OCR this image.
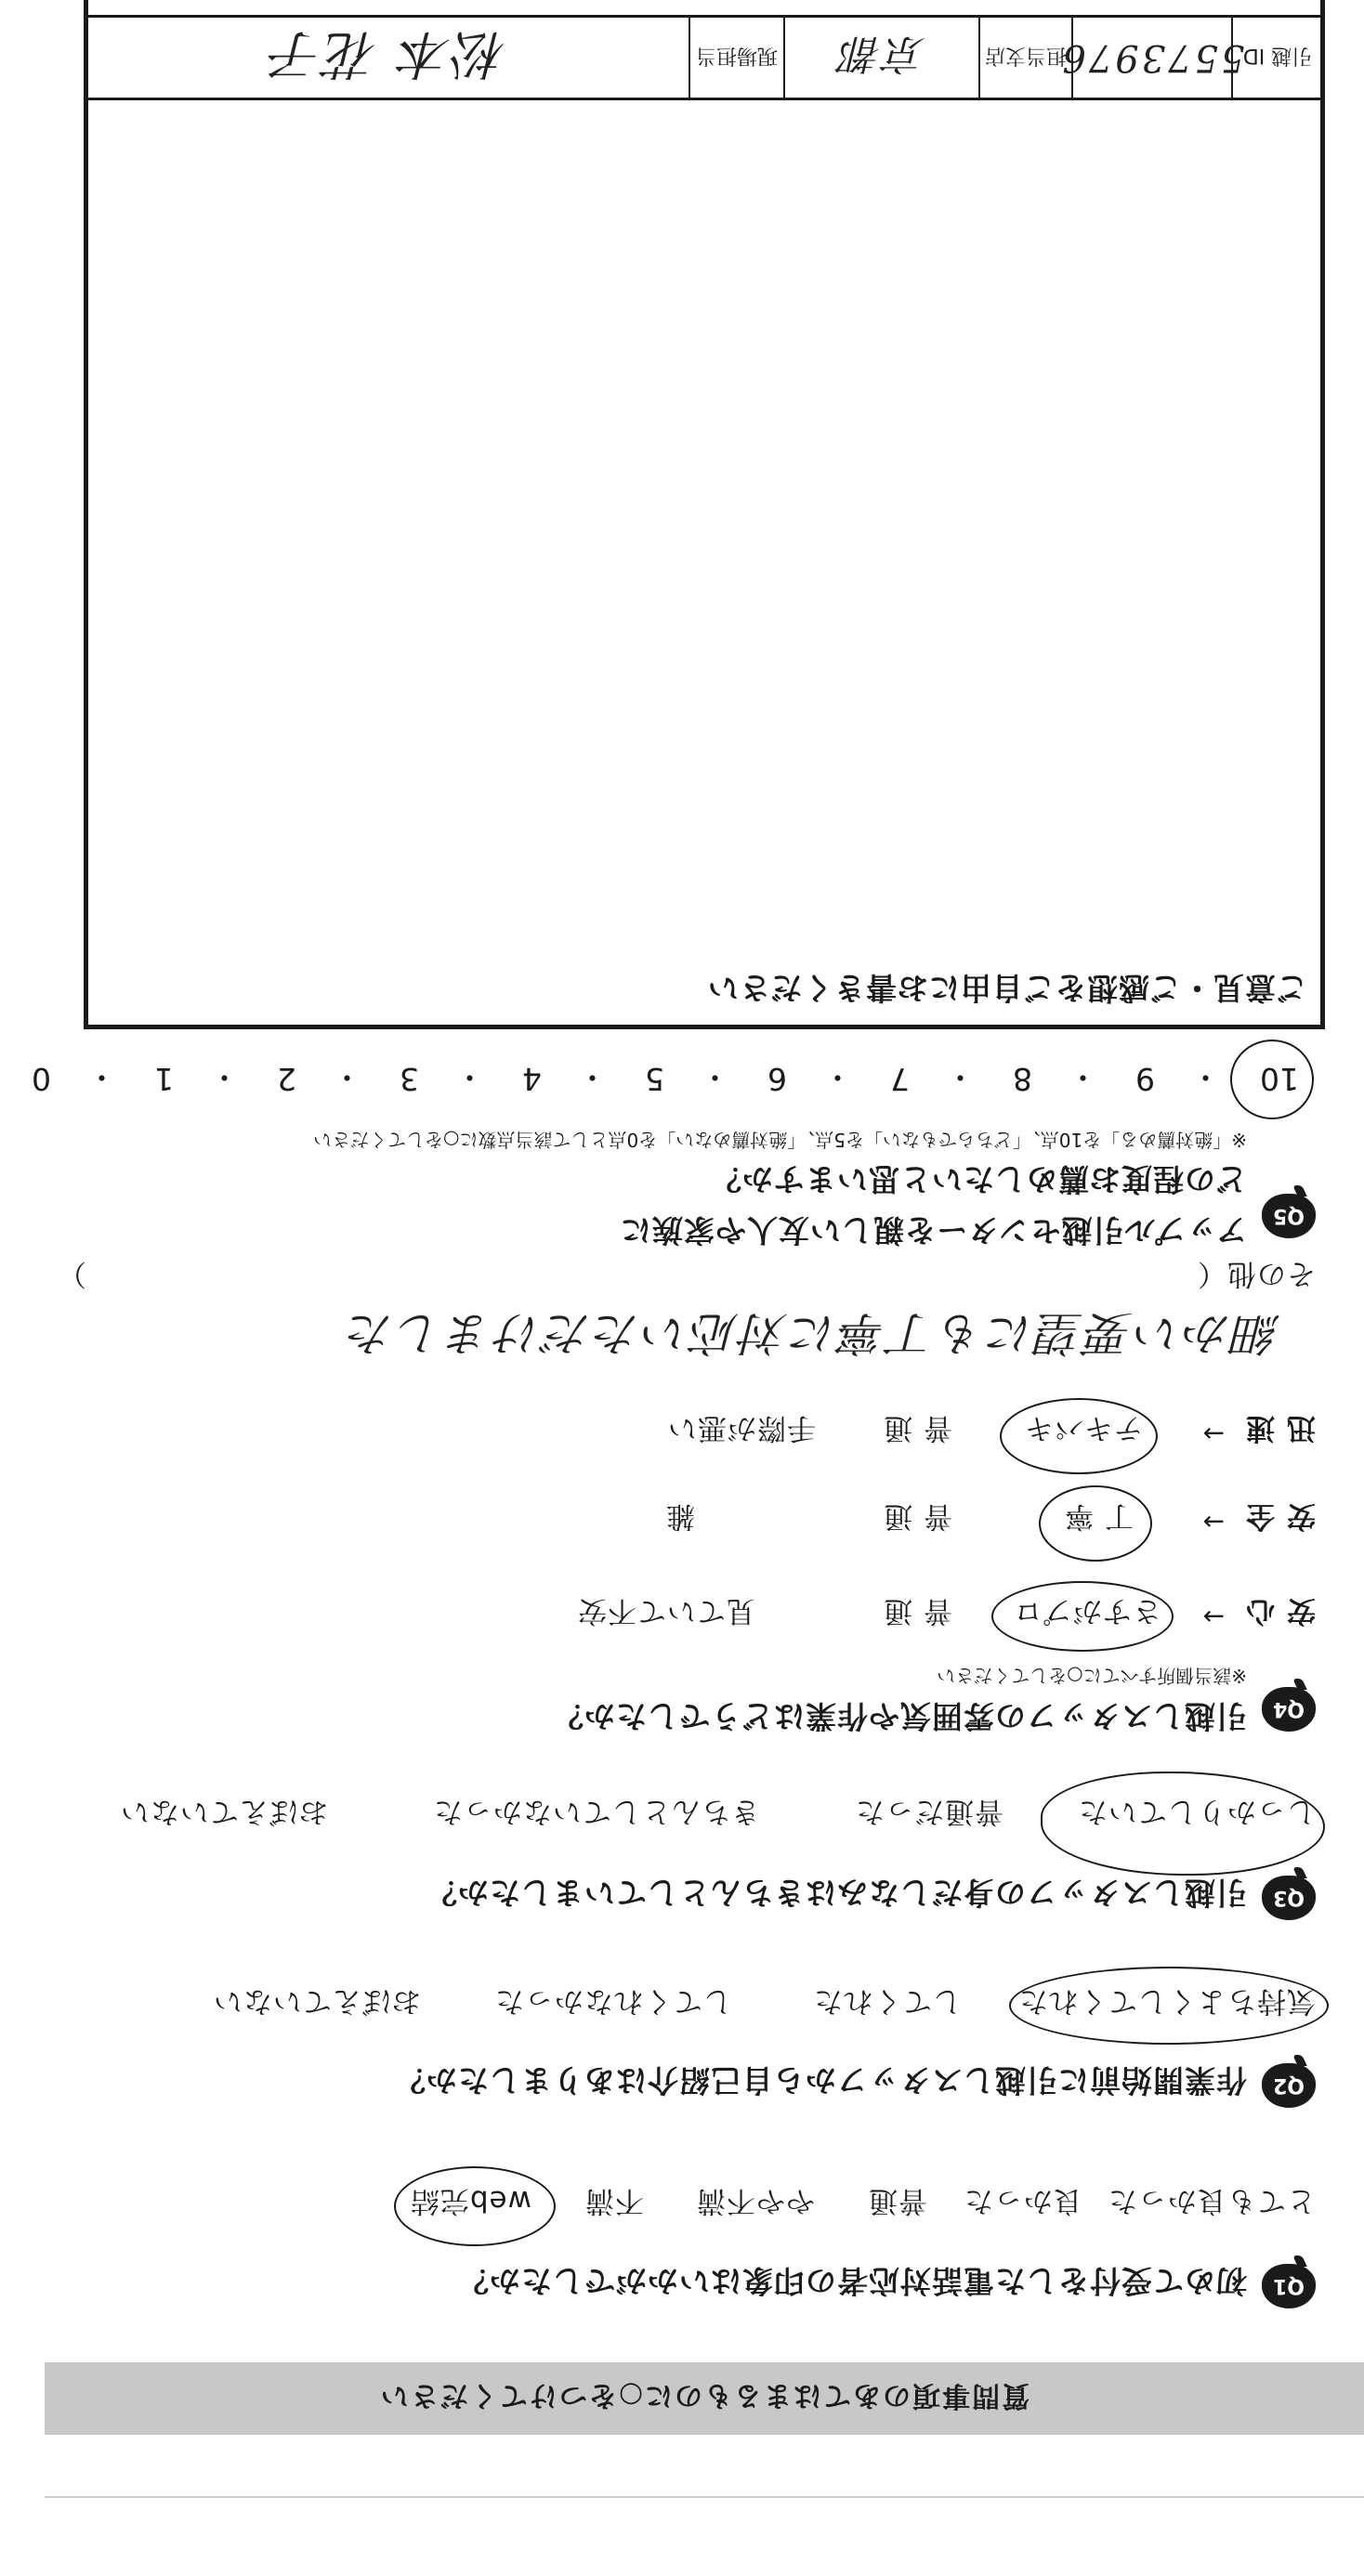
質問事項のあてはまるものに○をつけてください
Q1
初めて受付をした電話対応者の印象はいかがでしたか？
とても良かった
良かった
普通
やや不満
不満
web完結
Q2
作業開始前に引越しスタッフから自己紹介はありましたか？
気持ちよくしてくれた
してくれた
してくれなかった
おぼえていない
Q3
引越しスタッフの身だしなみはきちんとしていましたか？
しっかりしていた
普通だった
きちんとしていなかった
おぼえていない
Q4
引越しスタッフの雰囲気や作業はどうでしたか？
※該当個所すべてに○をしてください
安 心
→
さすがプロ
普 通
見ていて不安
安 全
→
丁 寧
普 通
雑
迅 速
→
テキパキ
普 通
手際が悪い
細かい要望にも丁寧に対応いただけました
その他（
）
Q5
アップル引越センターを親しい友人や家族に
どの程度お薦めしたいと思いますか？
※「絶対薦める」を10点、「どちらでもない」を5点、「絶対薦めない」を0点として該当点数に○をしてください
10
・
9
・
8
・
7
・
6
・
5
・
4
・
3
・
2
・
1
・
0
ご意見・ご感想をご自由にお書きください
引越 ID
5573976
担当支店
京都
現場担当
松本 花子
